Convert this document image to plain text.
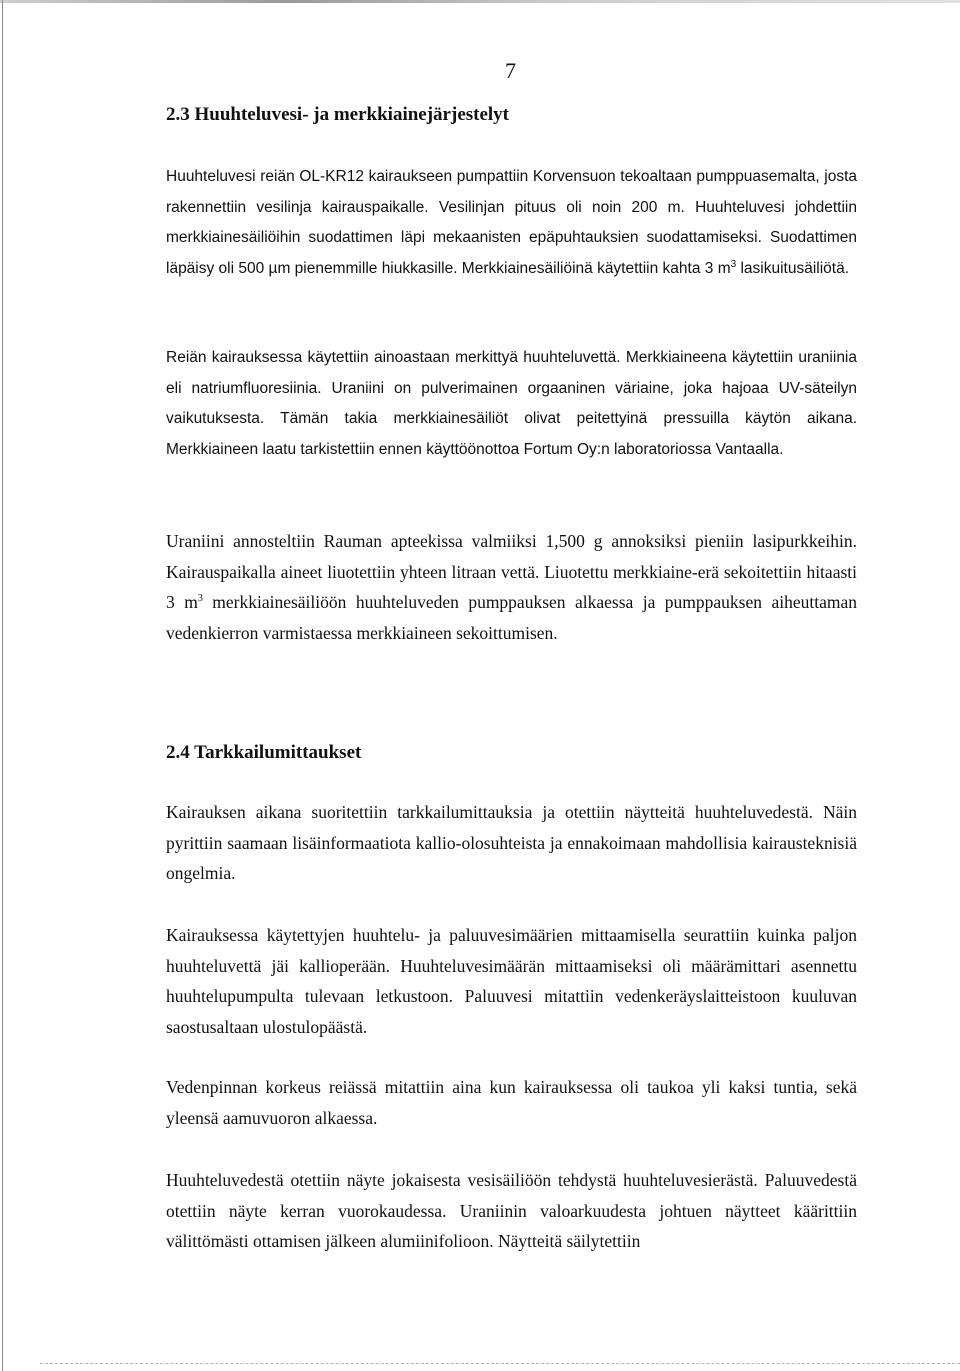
7
2.3 Huuhteluvesi- ja merkkiainejärjestelyt

Huuhteluvesi reiän OL-KR12 kairaukseen pumpattiin Korvensuon tekoaltaan pumppuasemalta, josta rakennettiin vesilinja kairauspaikalle. Vesilinjan pituus oli noin 200 m. Huuhteluvesi johdettiin merkkiainesäiliöihin suodattimen läpi mekaanisten epäpuhtauksien suodattamiseksi. Suodattimen läpäisy oli 500 µm pienemmille hiukkasille. Merkkiainesäiliöinä käytettiin kahta 3 $m^3$ lasikuitusäiliötä.

Reiän kairauksessa käytettiin ainoastaan merkittyä huuhteluvettä. Merkkiaineena käytettiin uraniinia eli natriumfluoresiinia. Uraniini on pulverimainen orgaaninen väriaine, joka hajoaa UV-säteilyn vaikutuksesta. Tämän takia merkkiainesäiliöt olivat peitettyinä pressuilla käytön aikana. Merkkiaineen laatu tarkistettiin ennen käyttöönottoa Fortum Oy:n laboratoriossa Vantaalla.

Uraniini annosteltiin Rauman apteekissa valmiiksi 1,500 g annoksiksi pieniin lasipurkkeihin. Kairauspaikalla aineet liuotettiin yhteen litraan vettä. Liuotettu merkkiaine-erä sekoitettiin hitaasti 3 $m^3$ merkkiainesäiliöön huuhteluveden pumppauksen alkaessa ja pumppauksen aiheuttaman vedenkierron varmistaessa merkkiaineen sekoittumisen.

2.4 Tarkkailumittaukset

Kairauksen aikana suoritettiin tarkkailumittauksia ja otettiin näytteitä huuhteluvedestä. Näin pyrittiin saamaan lisäinformaatiota kallio-olosuhteista ja ennakoimaan mahdollisia kairausteknisiä ongelmia.

Kairauksessa käytettyjen huuhtelu- ja paluuvesimäärien mittaamisella seurattiin kuinka paljon huuhteluvettä jäi kallioperään. Huuhteluvesimäärän mittaamiseksi oli määrämittari asennettu huuhtelupumpulta tulevaan letkustoon. Paluuvesi mitattiin vedenkeräyslaitteistoon kuuluvan saostusaltaan ulostulopäästä.

Vedenpinnan korkeus reiässä mitattiin aina kun kairauksessa oli taukoa yli kaksi tuntia, sekä yleensä aamuvuoron alkaessa.

Huuhteluvedestä otettiin näyte jokaisesta vesisäiliöön tehdystä huuhteluvesierästä. Paluuvedestä otettiin näyte kerran vuorokaudessa. Uraniinin valoarkuudesta johtuen näytteet käärittiin välittömästi ottamisen jälkeen alumiinifolioon. Näytteitä säilytettiin
